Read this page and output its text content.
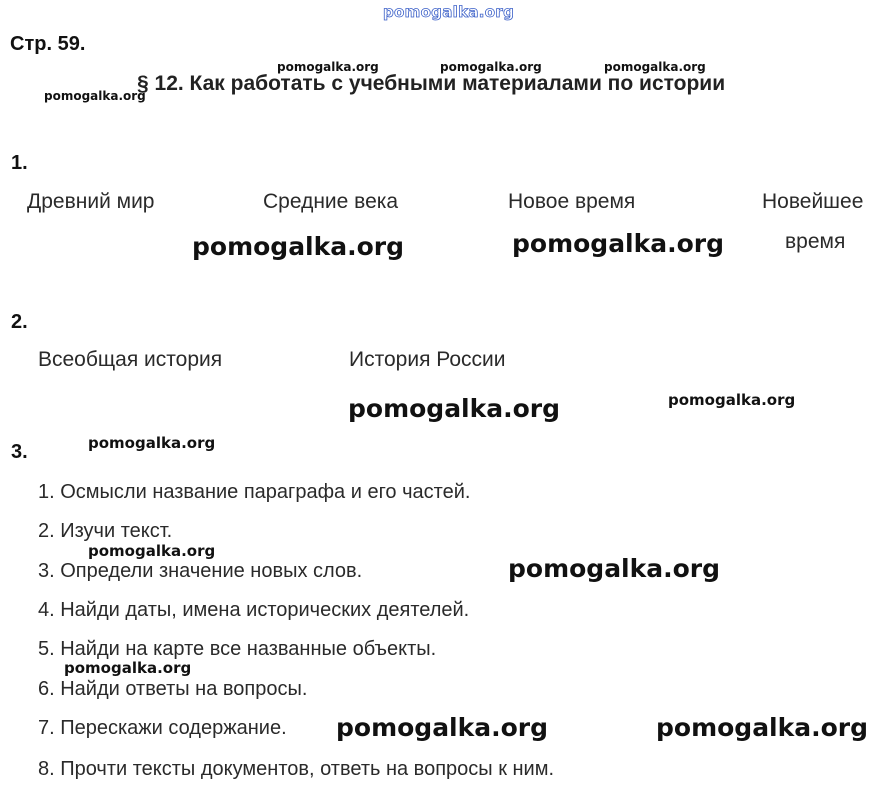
pomogalka.org
Стр. 59.
pomogalka.org	pomogalka.org	pomogalka.org
pomogalka.org
§ 12. Как работать с учебными материалами по истории
1.
Древний мир	Средние века	Новое время	Новейшее
время
pomogalka.org	pomogalka.org
2.
Всеобщая история	История России
pomogalka.org	pomogalka.org
3.	pomogalka.org
1. Осмысли название параграфа и его частей.
2. Изучи текст.
pomogalka.org
3. Определи значение новых слов.	pomogalka.org
4. Найди даты, имена исторических деятелей.
5. Найди на карте все названные объекты.
pomogalka.org
6. Найди ответы на вопросы.
7. Перескажи содержание. pomogalka.org	pomogalka.org
8. Прочти тексты документов, ответь на вопросы к ним.
